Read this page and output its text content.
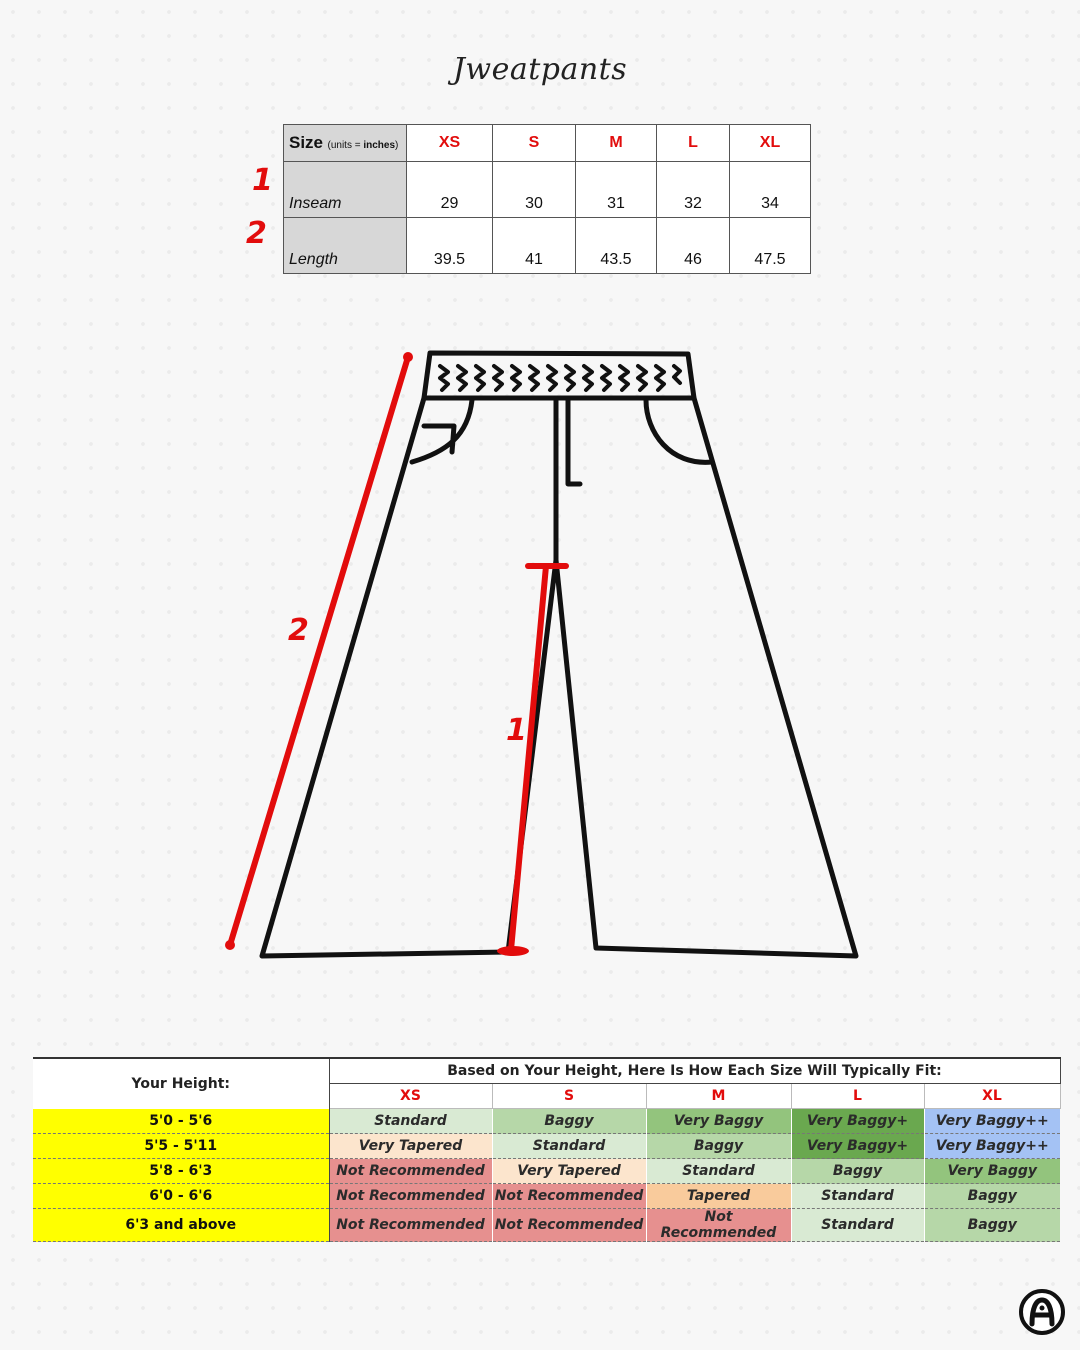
Jweatpants
1
2
Size (units = inches)	XS	S	M	L	XL
Inseam	29	30	31	32	34
Length	39.5	41	43.5	46	47.5
2
1
Your Height:	Based on Your Height, Here Is How Each Size Will Typically Fit:				
	XS	S	M	L	XL
5'0 - 5'6	Standard	Baggy	Very Baggy	Very Baggy+	Very Baggy++
5'5 - 5'11	Very Tapered	Standard	Baggy	Very Baggy+	Very Baggy++
5'8 - 6'3	Not Recommended	Very Tapered	Standard	Baggy	Very Baggy
6'0 - 6'6	Not Recommended	Not Recommended	Tapered	Standard	Baggy
6'3 and above	Not Recommended	Not Recommended	Not Recommended	Standard	Baggy
